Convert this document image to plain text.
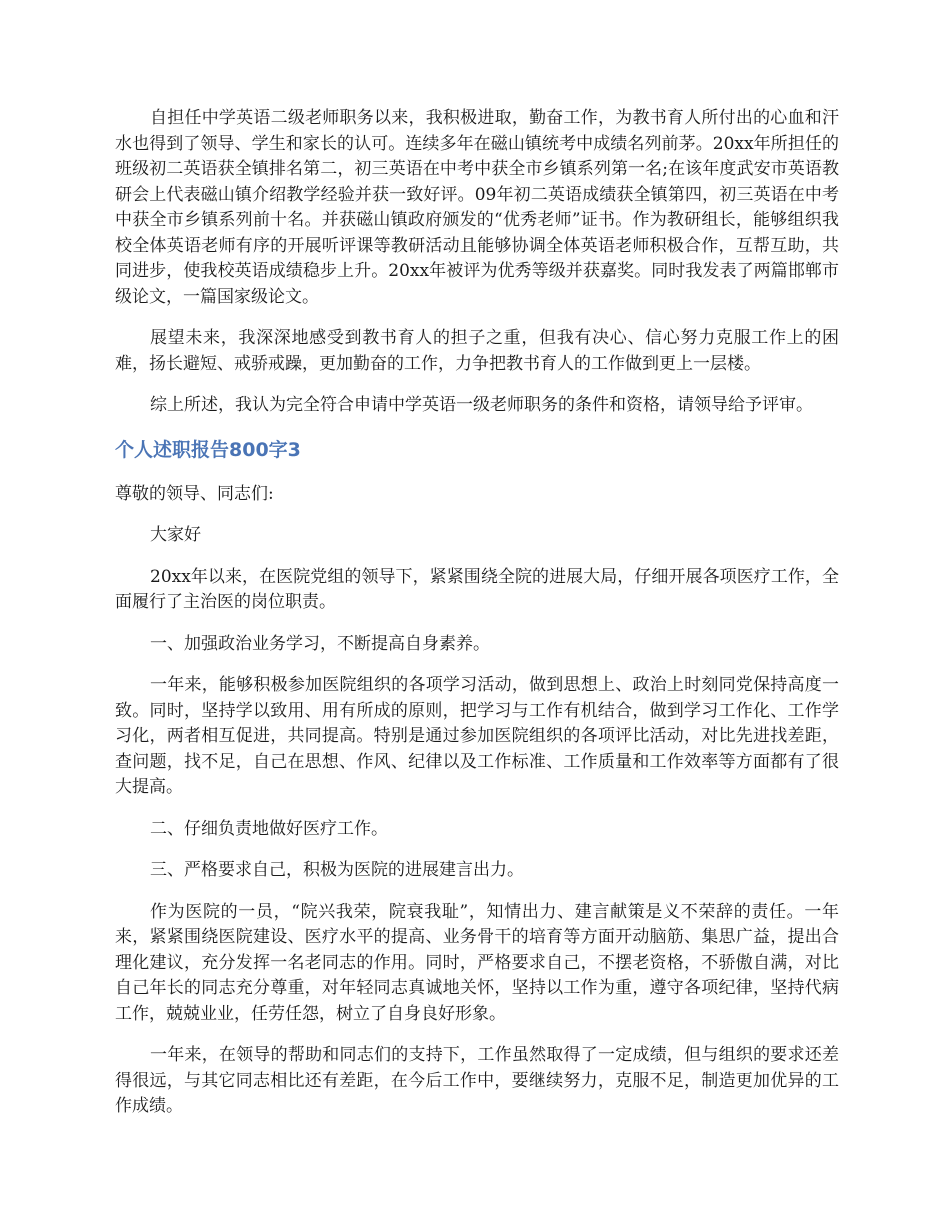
自担任中学英语二级老师职务以来，我积极进取，勤奋工作，为教书育人所付出的心血和汗水也得到了领导、学生和家长的认可。连续多年在磁山镇统考中成绩名列前茅。20xx年所担任的班级初二英语获全镇排名第二，初三英语在中考中获全市乡镇系列第一名;在该年度武安市英语教研会上代表磁山镇介绍教学经验并获一致好评。09年初二英语成绩获全镇第四，初三英语在中考中获全市乡镇系列前十名。并获磁山镇政府颁发的“优秀老师”证书。作为教研组长，能够组织我校全体英语老师有序的开展听评课等教研活动且能够协调全体英语老师积极合作，互帮互助，共同进步，使我校英语成绩稳步上升。20xx年被评为优秀等级并获嘉奖。同时我发表了两篇邯郸市级论文，一篇国家级论文。

展望未来，我深深地感受到教书育人的担子之重，但我有决心、信心努力克服工作上的困难，扬长避短、戒骄戒躁，更加勤奋的工作，力争把教书育人的工作做到更上一层楼。

综上所述，我认为完全符合申请中学英语一级老师职务的条件和资格，请领导给予评审。

个人述职报告800字3

尊敬的领导、同志们:

大家好

20xx年以来，在医院党组的领导下，紧紧围绕全院的进展大局，仔细开展各项医疗工作，全面履行了主治医的岗位职责。

一、加强政治业务学习，不断提高自身素养。

一年来，能够积极参加医院组织的各项学习活动，做到思想上、政治上时刻同党保持高度一致。同时，坚持学以致用、用有所成的原则，把学习与工作有机结合，做到学习工作化、工作学习化，两者相互促进，共同提高。特别是通过参加医院组织的各项评比活动，对比先进找差距，查问题，找不足，自己在思想、作风、纪律以及工作标准、工作质量和工作效率等方面都有了很大提高。

二、仔细负责地做好医疗工作。

三、严格要求自己，积极为医院的进展建言出力。

作为医院的一员，“院兴我荣，院衰我耻”，知情出力、建言献策是义不荣辞的责任。一年来，紧紧围绕医院建设、医疗水平的提高、业务骨干的培育等方面开动脑筋、集思广益，提出合理化建议，充分发挥一名老同志的作用。同时，严格要求自己，不摆老资格，不骄傲自满，对比自己年长的同志充分尊重，对年轻同志真诚地关怀，坚持以工作为重，遵守各项纪律，坚持代病工作，兢兢业业，任劳任怨，树立了自身良好形象。

一年来，在领导的帮助和同志们的支持下，工作虽然取得了一定成绩，但与组织的要求还差得很远，与其它同志相比还有差距，在今后工作中，要继续努力，克服不足，制造更加优异的工作成绩。
